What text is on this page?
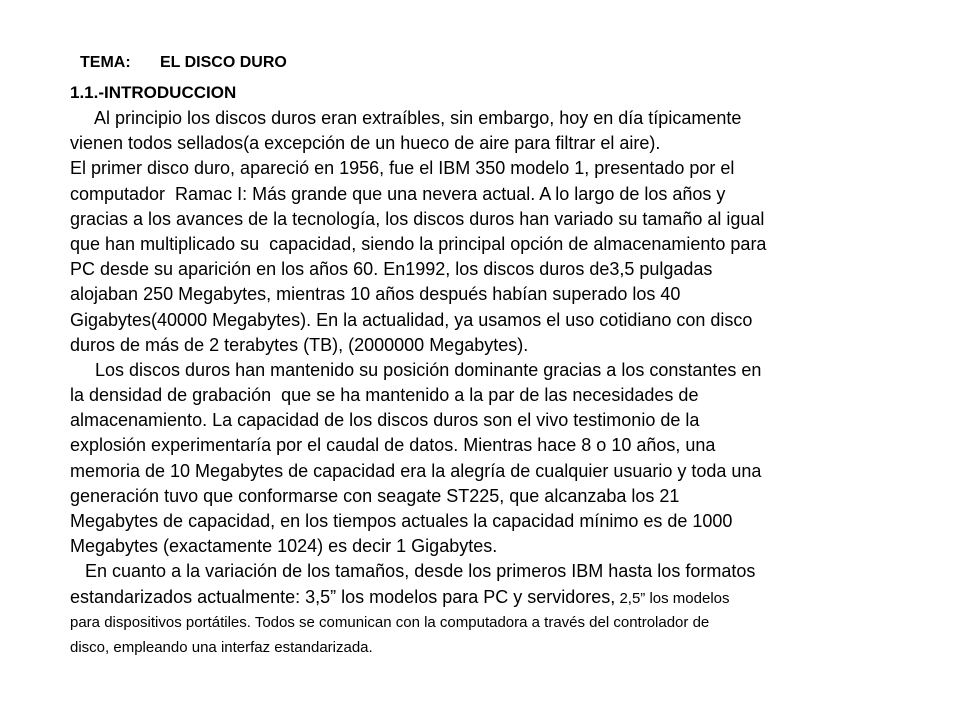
TEMA: EL DISCO DURO
1.1.-INTRODUCCION
Al principio los discos duros eran extraíbles, sin embargo, hoy en día típicamente
vienen todos sellados(a excepción de un hueco de aire para filtrar el aire).
El primer disco duro, apareció en 1956, fue el IBM 350 modelo 1, presentado por el
computador  Ramac I: Más grande que una nevera actual. A lo largo de los años y
gracias a los avances de la tecnología, los discos duros han variado su tamaño al igual
que han multiplicado su  capacidad, siendo la principal opción de almacenamiento para
PC desde su aparición en los años 60. En1992, los discos duros de3,5 pulgadas
alojaban 250 Megabytes, mientras 10 años después habían superado los 40
Gigabytes(40000 Megabytes). En la actualidad, ya usamos el uso cotidiano con disco
duros de más de 2 terabytes (TB), (2000000 Megabytes).
Los discos duros han mantenido su posición dominante gracias a los constantes en
la densidad de grabación  que se ha mantenido a la par de las necesidades de
almacenamiento. La capacidad de los discos duros son el vivo testimonio de la
explosión experimentaría por el caudal de datos. Mientras hace 8 o 10 años, una
memoria de 10 Megabytes de capacidad era la alegría de cualquier usuario y toda una
generación tuvo que conformarse con seagate ST225, que alcanzaba los 21
Megabytes de capacidad, en los tiempos actuales la capacidad mínimo es de 1000
Megabytes (exactamente 1024) es decir 1 Gigabytes.
En cuanto a la variación de los tamaños, desde los primeros IBM hasta los formatos
estandarizados actualmente: 3,5” los modelos para PC y servidores, 2,5” los modelos
para dispositivos portátiles. Todos se comunican con la computadora a través del controlador de
disco, empleando una interfaz estandarizada.
